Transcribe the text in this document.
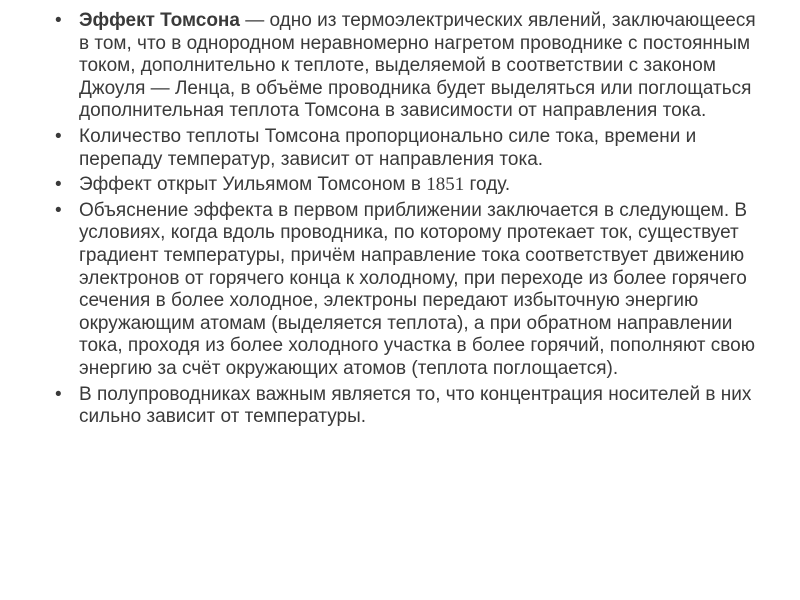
• Эффект Томсона — одно из термоэлектрических явлений, заключающееся в том, что в однородном неравномерно нагретом проводнике с постоянным током, дополнительно к теплоте, выделяемой в соответствии с законом Джоуля — Ленца, в объёме проводника будет выделяться или поглощаться дополнительная теплота Томсона в зависимости от направления тока.
• Количество теплоты Томсона пропорционально силе тока, времени и перепаду температур, зависит от направления тока.
• Эффект открыт Уильямом Томсоном в 1851 году.
• Объяснение эффекта в первом приближении заключается в следующем. В условиях, когда вдоль проводника, по которому протекает ток, существует градиент температуры, причём направление тока соответствует движению электронов от горячего конца к холодному, при переходе из более горячего сечения в более холодное, электроны передают избыточную энергию окружающим атомам (выделяется теплота), а при обратном направлении тока, проходя из более холодного участка в более горячий, пополняют свою энергию за счёт окружающих атомов (теплота поглощается).
• В полупроводниках важным является то, что концентрация носителей в них сильно зависит от температуры.
